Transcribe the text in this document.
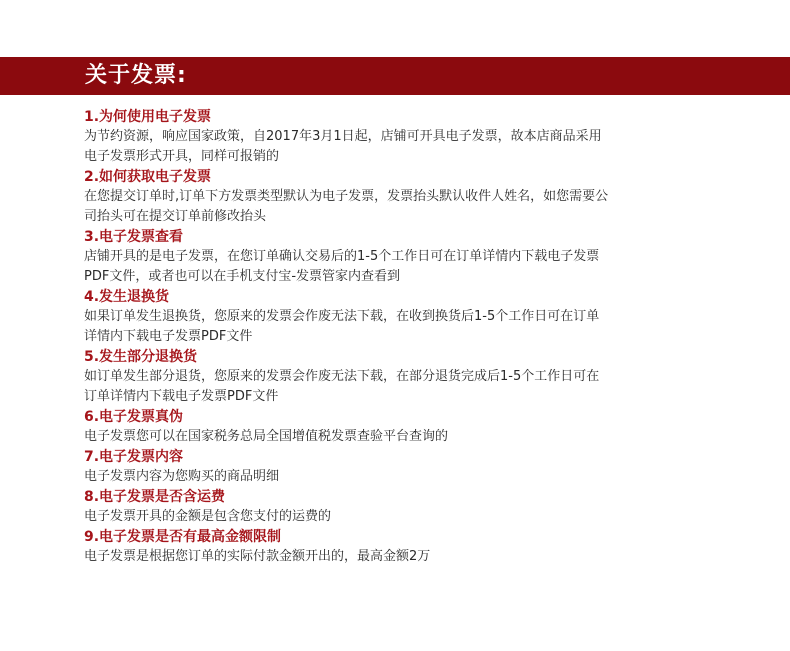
关于发票:
1.为何使用电子发票
为节约资源，响应国家政策，自2017年3月1日起，店铺可开具电子发票，故本店商品采用
电子发票形式开具，同样可报销的
2.如何获取电子发票
在您提交订单时,订单下方发票类型默认为电子发票，发票抬头默认收件人姓名，如您需要公
司抬头可在提交订单前修改抬头
3.电子发票查看
店铺开具的是电子发票，在您订单确认交易后的1-5个工作日可在订单详情内下载电子发票
PDF文件，或者也可以在手机支付宝-发票管家内查看到
4.发生退换货
如果订单发生退换货，您原来的发票会作废无法下载，在收到换货后1-5个工作日可在订单
详情内下载电子发票PDF文件
5.发生部分退换货
如订单发生部分退货，您原来的发票会作废无法下载，在部分退货完成后1-5个工作日可在
订单详情内下载电子发票PDF文件
6.电子发票真伪
电子发票您可以在国家税务总局全国增值税发票查验平台查询的
7.电子发票内容
电子发票内容为您购买的商品明细
8.电子发票是否含运费
电子发票开具的金额是包含您支付的运费的
9.电子发票是否有最高金额限制
电子发票是根据您订单的实际付款金额开出的，最高金额2万
